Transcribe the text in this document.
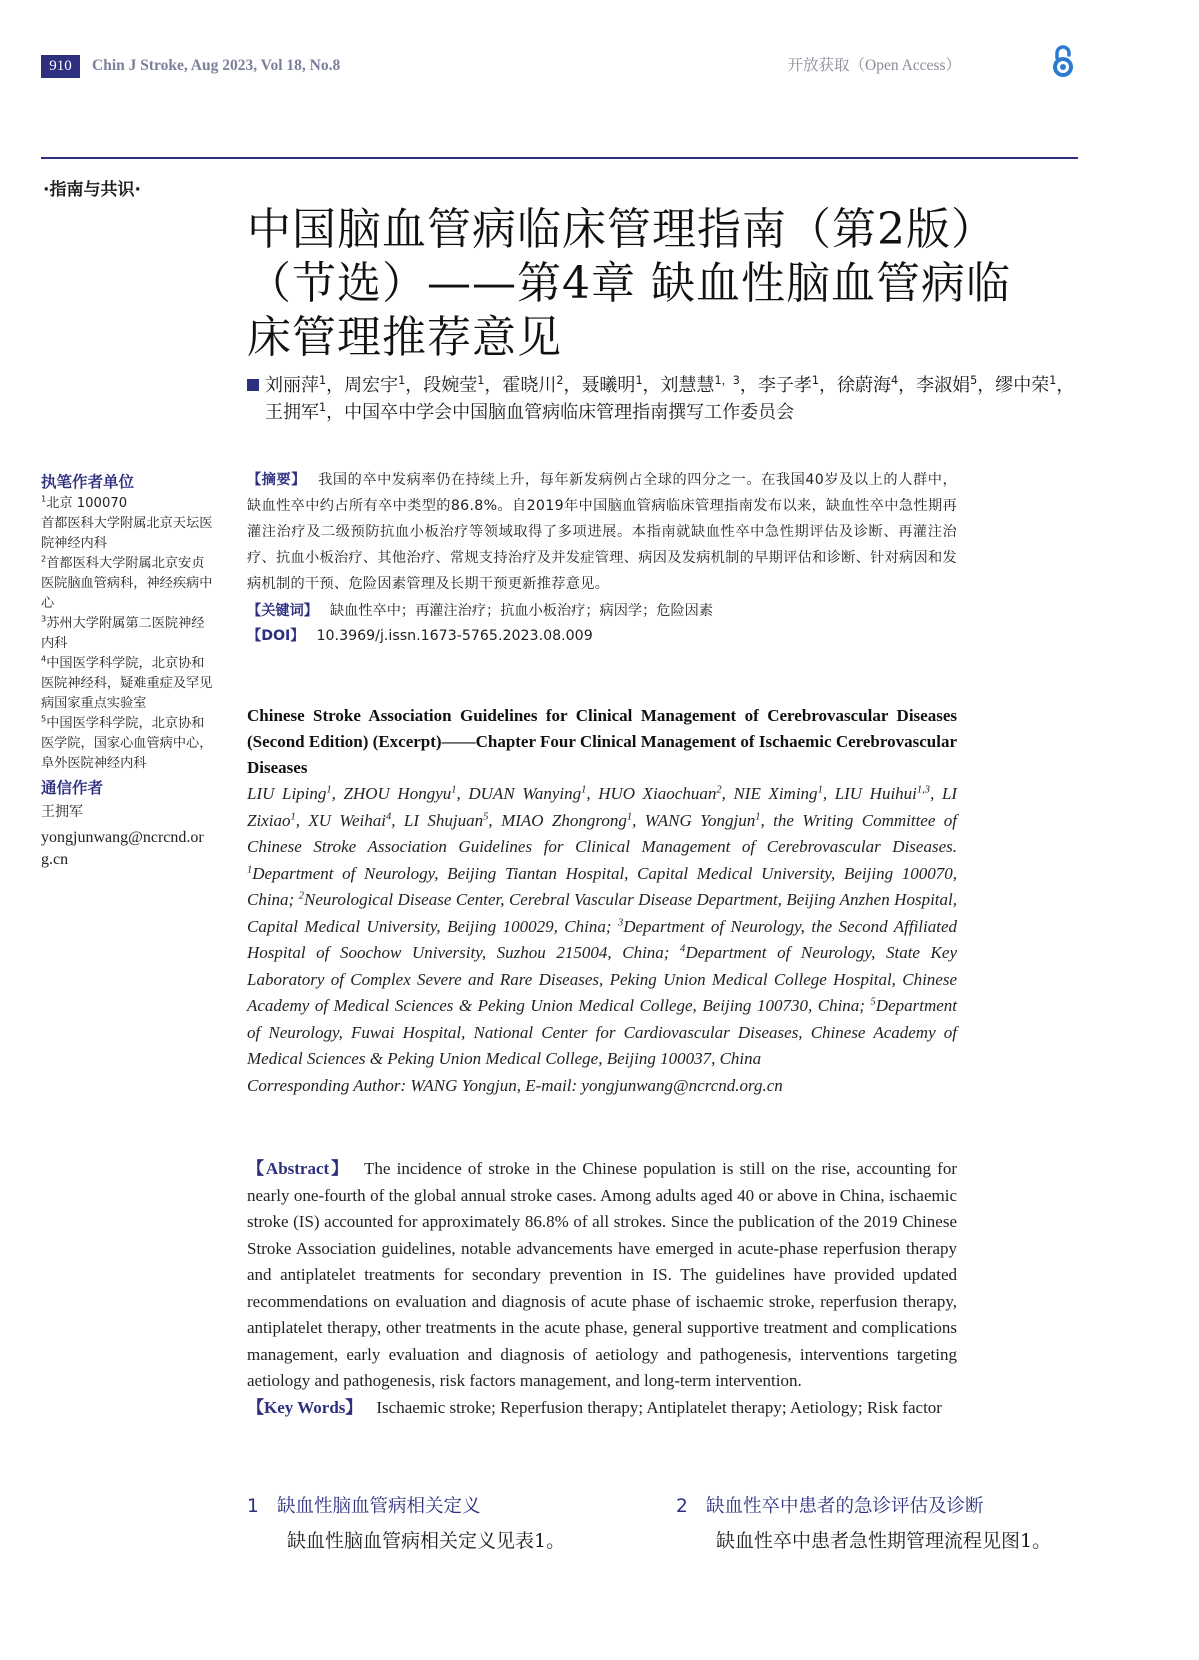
910	Chin J Stroke, Aug 2023, Vol 18, No.8	开放获取（Open Access）
·指南与共识·
中国脑血管病临床管理指南（第2版）
（节选）——第4章 缺血性脑血管病临
床管理推荐意见
刘丽萍$^1$，周宏宇$^1$，段婉莹$^1$，霍晓川$^2$，聂曦明$^1$，刘慧慧$^{1,3}$，李子孝$^1$，徐蔚海$^4$，李淑娟$^5$，缪中荣$^1$，
王拥军$^1$，中国卒中学会中国脑血管病临床管理指南撰写工作委员会
执笔作者单位
$^1$北京 100070
首都医科大学附属北京天坛医院神经内科
$^2$首都医科大学附属北京安贞医院脑血管病科，神经疾病中心
$^3$苏州大学附属第二医院神经内科
$^4$中国医学科学院，北京协和医院神经科，疑难重症及罕见病国家重点实验室
$^5$中国医学科学院，北京协和医学院，国家心血管病中心，阜外医院神经内科
通信作者
王拥军
yongjunwang@ncrcnd.org.cn
【摘要】 我国的卒中发病率仍在持续上升，每年新发病例占全球的四分之一。在我国40岁及以上的人群中，缺血性卒中约占所有卒中类型的86.8%。自2019年中国脑血管病临床管理指南发布以来，缺血性卒中急性期再灌注治疗及二级预防抗血小板治疗等领域取得了多项进展。本指南就缺血性卒中急性期评估及诊断、再灌注治疗、抗血小板治疗、其他治疗、常规支持治疗及并发症管理、病因及发病机制的早期评估和诊断、针对病因和发病机制的干预、危险因素管理及长期干预更新推荐意见。
【关键词】 缺血性卒中；再灌注治疗；抗血小板治疗；病因学；危险因素
【DOI】 10.3969/j.issn.1673-5765.2023.08.009
Chinese Stroke Association Guidelines for Clinical Management of Cerebrovascular Diseases (Second Edition) (Excerpt)——Chapter Four Clinical Management of Ischaemic Cerebrovascular Diseases
LIU Liping$^1$, ZHOU Hongyu$^1$, DUAN Wanying$^1$, HUO Xiaochuan$^2$, NIE Ximing$^1$, LIU Huihui$^{1,3}$, LI Zixiao$^1$, XU Weihai$^4$, LI Shujuan$^5$, MIAO Zhongrong$^1$, WANG Yongjun$^1$, the Writing Committee of Chinese Stroke Association Guidelines for Clinical Management of Cerebrovascular Diseases. $^1$Department of Neurology, Beijing Tiantan Hospital, Capital Medical University, Beijing 100070, China; $^2$Neurological Disease Center, Cerebral Vascular Disease Department, Beijing Anzhen Hospital, Capital Medical University, Beijing 100029, China; $^3$Department of Neurology, the Second Affiliated Hospital of Soochow University, Suzhou 215004, China; $^4$Department of Neurology, State Key Laboratory of Complex Severe and Rare Diseases, Peking Union Medical College Hospital, Chinese Academy of Medical Sciences & Peking Union Medical College, Beijing 100730, China; $^5$Department of Neurology, Fuwai Hospital, National Center for Cardiovascular Diseases, Chinese Academy of Medical Sciences & Peking Union Medical College, Beijing 100037, China
Corresponding Author: WANG Yongjun, E-mail: yongjunwang@ncrcnd.org.cn
【Abstract】 The incidence of stroke in the Chinese population is still on the rise, accounting for nearly one-fourth of the global annual stroke cases. Among adults aged 40 or above in China, ischaemic stroke (IS) accounted for approximately 86.8% of all strokes. Since the publication of the 2019 Chinese Stroke Association guidelines, notable advancements have emerged in acute-phase reperfusion therapy and antiplatelet treatments for secondary prevention in IS. The guidelines have provided updated recommendations on evaluation and diagnosis of acute phase of ischaemic stroke, reperfusion therapy, antiplatelet therapy, other treatments in the acute phase, general supportive treatment and complications management, early evaluation and diagnosis of aetiology and pathogenesis, interventions targeting aetiology and pathogenesis, risk factors management, and long-term intervention.
【Key Words】 Ischaemic stroke; Reperfusion therapy; Antiplatelet therapy; Aetiology; Risk factor
1 缺血性脑血管病相关定义
缺血性脑血管病相关定义见表1。
2 缺血性卒中患者的急诊评估及诊断
缺血性卒中患者急性期管理流程见图1。
